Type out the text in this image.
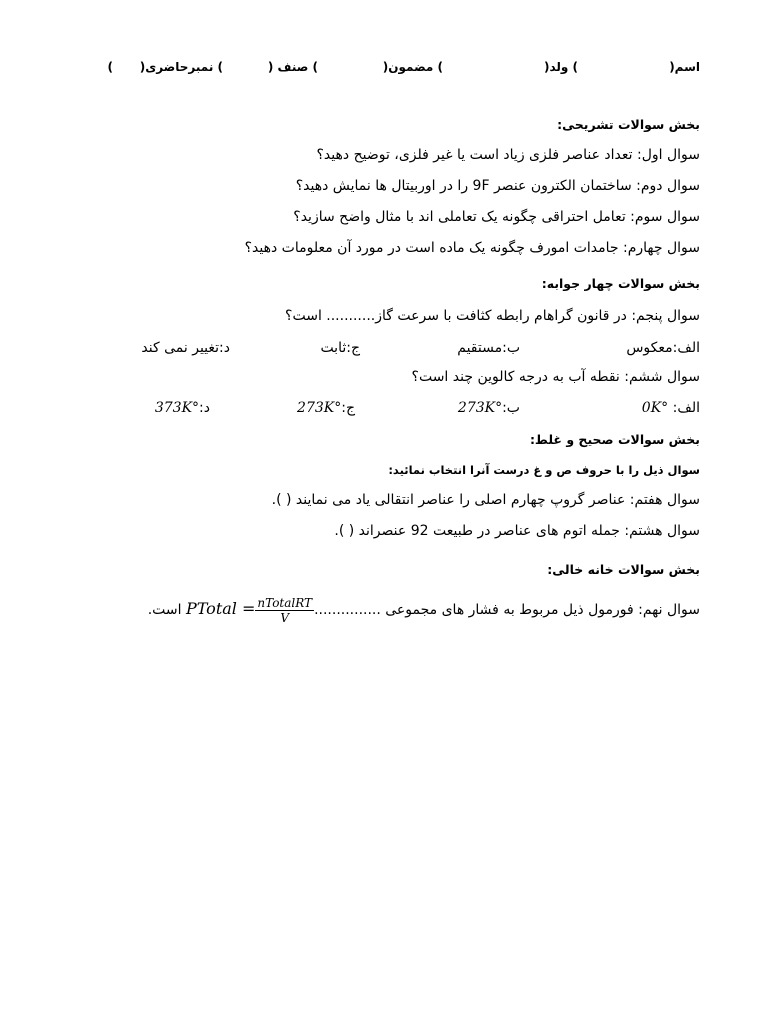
اسم(
) ولد(
) مضمون(
) صنف (
) نمبرحاضری(
)
بخش سوالات تشریحی:
سوال اول: تعداد عناصر فلزی زیاد است یا غیر فلزی، توضیح دهید؟
سوال دوم: ساختمان الکترون عنصر 9F را در اوربیتال ها نمایش دهید؟
سوال سوم: تعامل احتراقی چگونه یک تعاملی اند با مثال واضح سازید؟
سوال چهارم: جامدات امورف چگونه یک ماده است در مورد آن معلومات دهید؟
بخش سوالات چهار جوابه:
سوال پنجم: در قانون گراهام رابطه کثافت با سرعت گاز........... است؟
الف:معکوس
ب:مستقیم
ج:ثابت
د:تغییر نمی کند
سوال ششم: نقطه آب به درجه کالوین چند است؟
الف: 0K°
ب:273K°
ج:273K°
د:373K°
بخش سوالات صحیح و غلط:
سوال ذیل را با حروف ص و غ درست آنرا انتخاب نمائید:
سوال هفتم: عناصر گروپ چهارم اصلی را عناصر انتقالی یاد می نمایند ( ).
سوال هشتم: جمله اتوم های عناصر در طبیعت 92 عنصراند ( ).
بخش سوالات خانه خالی:
سوال نهم: فورمول ذیل مربوط به فشار های مجموعی ...............
$\frac{\text{nTotalRT}}{V}$
PTotal = است.
